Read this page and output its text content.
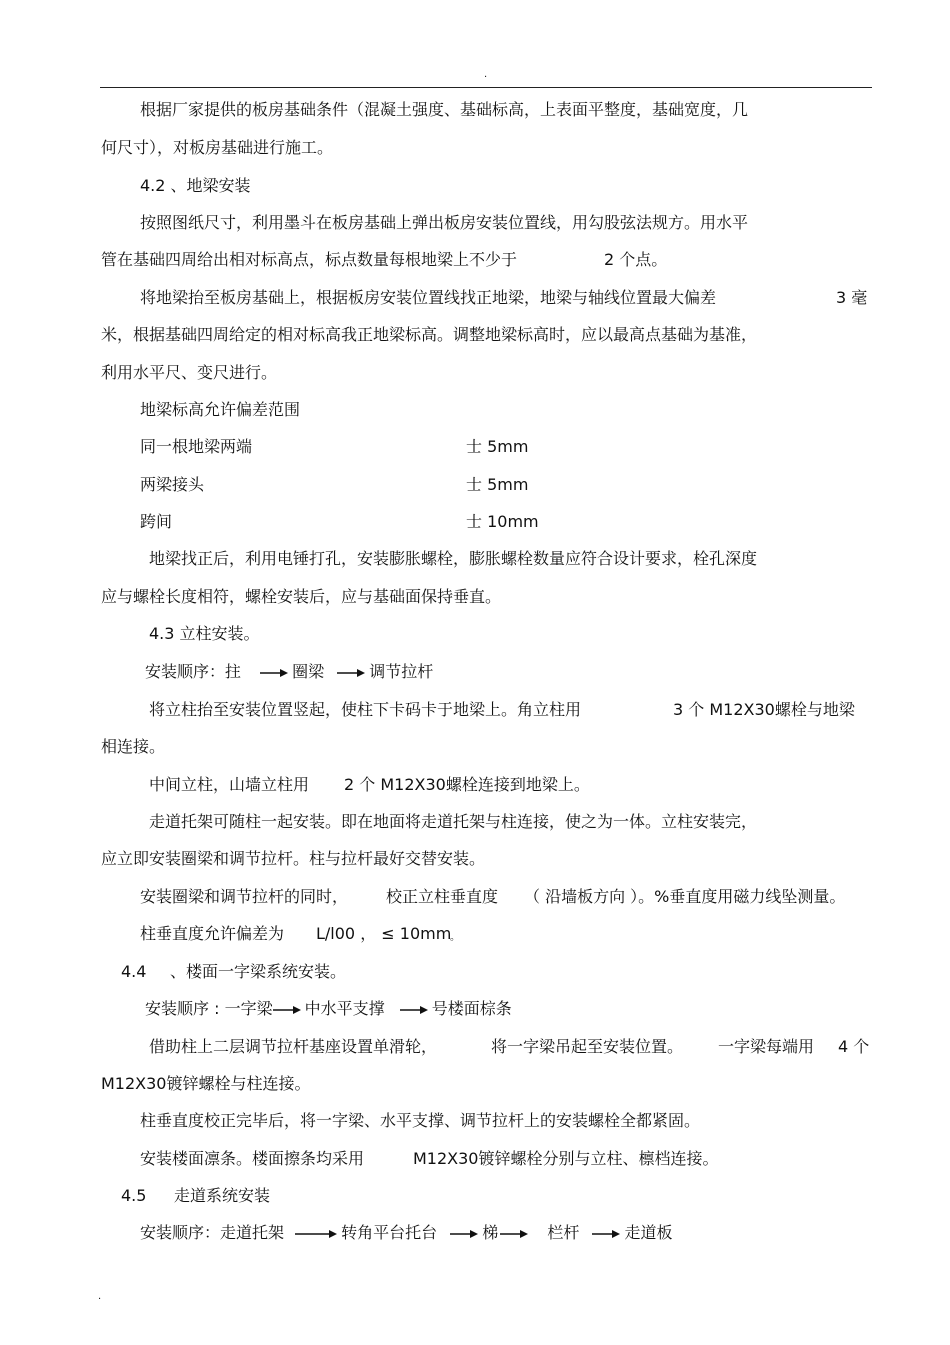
.
根据厂家提供的板房基础条件（混凝土强度、基础标高，上表面平整度，基础宽度，几
何尺寸），对板房基础进行施工。
4.2 、地梁安装
按照图纸尺寸，利用墨斗在板房基础上弹出板房安装位置线，用勾股弦法规方。用水平
管在基础四周给出相对标高点，标点数量每根地梁上不少于	2 个点。
将地梁抬至板房基础上，根据板房安装位置线找正地梁，地梁与轴线位置最大偏差	3 毫
米，根据基础四周给定的相对标高我正地梁标高。调整地梁标高时，应以最高点基础为基准，
利用水平尺、变尺进行。
地梁标高允许偏差范围
同一根地梁两端	士 5mm
两梁接头	士 5mm
跨间	士 10mm
地梁找正后，利用电锤打孔，安装膨胀螺栓，膨胀螺栓数量应符合设计要求，栓孔深度
应与螺栓长度相符，螺栓安装后，应与基础面保持垂直。
4.3 立柱安装。
安装顺序：拄	圈梁	调节拉杆
将立柱抬至安装位置竖起，使柱下卡码卡于地梁上。角立柱用	3 个 M12X30螺栓与地梁
相连接。
中间立柱，山墙立柱用 2 个 M12X30螺栓连接到地梁上。
走道托架可随柱一起安装。即在地面将走道托架与柱连接，使之为一体。立柱安装完，
应立即安装圈梁和调节拉杆。柱与拉杆最好交替安装。
安装圈梁和调节拉杆的同时， 校正立柱垂直度 （ 沿墙板方向 ）。%垂直度用磁力线坠测量。
柱垂直度允许偏差为 L/l00 ， ≤ 10mm
。
4.4 、楼面一字梁系统安装。
安装顺序 : 一字梁 中水平支撑	号楼面棕条
借助柱上二层调节拉杆基座设置单滑轮，	将一字梁吊起至安装位置。 一字梁每端用 4 个
M12X30镀锌螺栓与柱连接。
柱垂直度校正完毕后，将一字梁、水平支撑、调节拉杆上的安装螺栓全都紧固。
安装楼面凛条。楼面擦条均采用	M12X30镀锌螺栓分别与立柱、檩档连接。
4.5 走道系统安装
安装顺序：走道托架	转角平台托台	梯	栏杆	走道板
.
